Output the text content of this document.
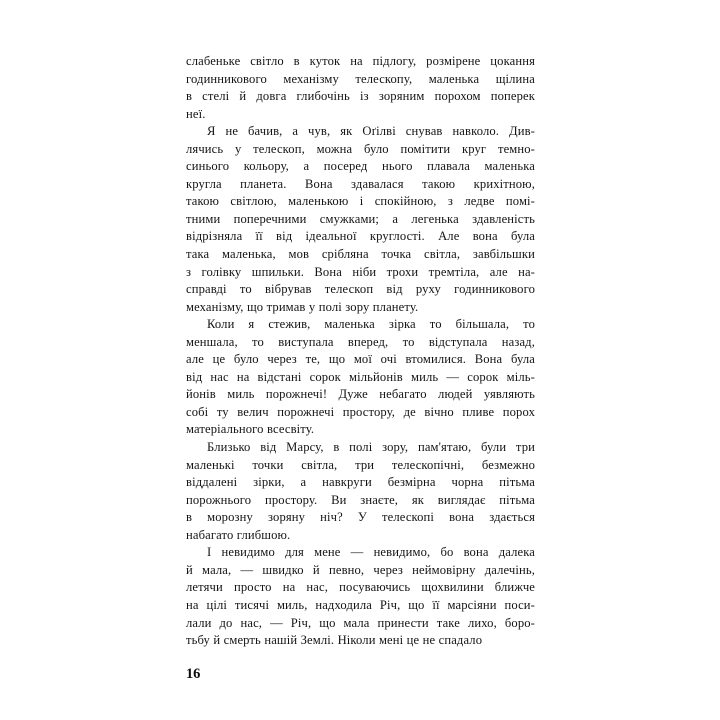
слабеньке світло в куток на підлогу, розмірене цокання
годинникового механізму телескопу, маленька щілина
в стелі й довга глибочінь із зоряним порохом поперек
неї.

Я не бачив, а чув, як Оґілві снував навколо. Див-
лячись у телескоп, можна було помітити круг темно-
синього кольору, а посеред нього плавала маленька
кругла планета. Вона здавалася такою крихітною,
такою світлою, маленькою і спокійною, з ледве помі-
тними поперечними смужками; а легенька здавленість
відрізняла її від ідеальної круглості. Але вона була
така маленька, мов срібляна точка світла, завбільшки
з голівку шпильки. Вона ніби трохи тремтіла, але на-
справді то вібрував телескоп від руху годинникового
механізму, що тримав у полі зору планету.

Коли я стежив, маленька зірка то більшала, то
меншала, то виступала вперед, то відступала назад,
але це було через те, що мої очі втомилися. Вона була
від нас на відстані сорок мільйонів миль — сорок міль-
йонів миль порожнечі! Дуже небагато людей уявляють
собі ту велич порожнечі простору, де вічно пливе порох
матеріального всесвіту.

Близько від Марсу, в полі зору, пам'ятаю, були три
маленькі точки світла, три телескопічні, безмежно
віддалені зірки, а навкруги безмірна чорна пітьма
порожнього простору. Ви знаєте, як виглядає пітьма
в морозну зоряну ніч? У телескопі вона здається
набагато глибшою.

І невидимо для мене — невидимо, бо вона далека
й мала, — швидко й певно, через неймовірну далечінь,
летячи просто на нас, посуваючись щохвилини ближче
на цілі тисячі миль, надходила Річ, що її марсіяни поси-
лали до нас, — Річ, що мала принести таке лихо, боро-
тьбу й смерть нашій Землі. Ніколи мені це не спадало

16
